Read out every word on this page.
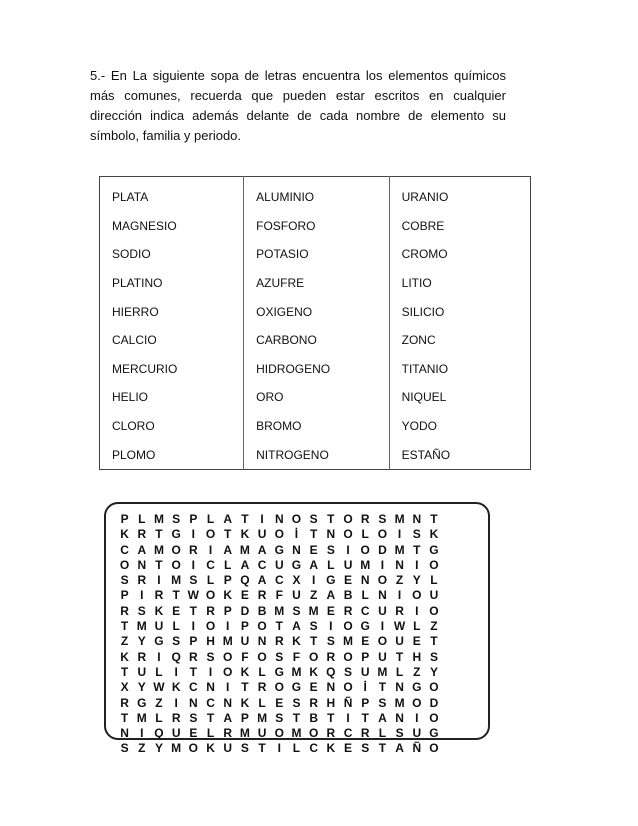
5.- En La siguiente sopa de letras encuentra los elementos químicos más comunes, recuerda que pueden estar escritos en cualquier dirección indica además delante de cada nombre de elemento su símbolo, familia y periodo.
PLATA	ALUMINIO	URANIO
MAGNESIO	FOSFORO	COBRE
SODIO	POTASIO	CROMO
PLATINO	AZUFRE	LITIO
HIERRO	OXIGENO	SILICIO
CALCIO	CARBONO	ZONC
MERCURIO	HIDROGENO	TITANIO
HELIO	ORO	NIQUEL
CLORO	BROMO	YODO
PLOMO	NITROGENO	ESTAÑO
P L M S P L A T I N O S T O R S M N T
K R T G I O T K U O İ T N O L O I S K
C A M O R I A M A G N E S I O D M T G
O N T O I C L A C U G A L U M I N I O
S R I M S L P Q A C X I G E N O Z Y L
P I R T W O K E R F U Z A B L N I O U
R S K E T R P D B M S M E R C U R I O
T M U L I O I P O T A S I O G I W L Z
Z Y G S P H M U N R K T S M E O U E T
K R I Q R S O F O S F O R O P U T H S
T U L I T I O K L G M K Q S U M L Z Y
X Y W K C N I T R O G E N O İ T N G O
R G Z I N C N K L E S R H Ñ P S M O D
T M L R S T A P M S T B T I T A N I O
N I Q U E L R M U O M O R C R L S U G
S Z Y M O K U S T I L C K E S T A Ñ O
